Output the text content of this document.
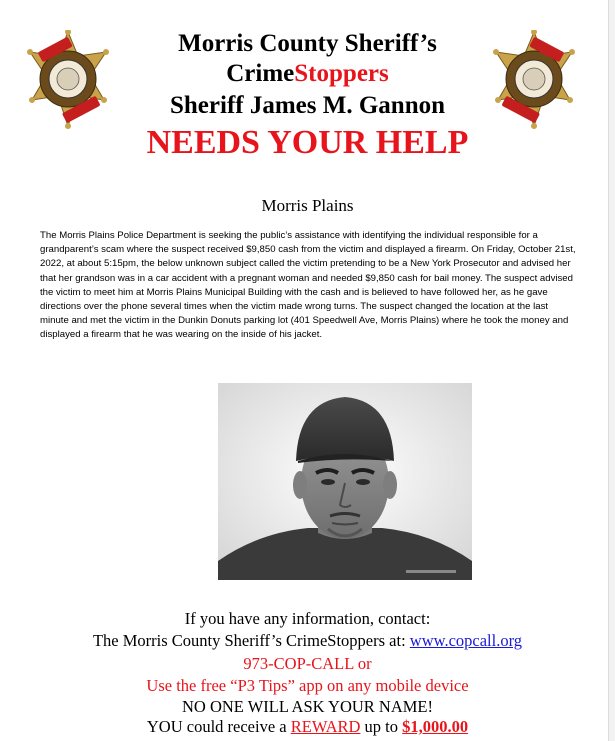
Morris County Sheriff’s
CrimeStoppers
Sheriff James M. Gannon
NEEDS YOUR HELP
Morris Plains
The Morris Plains Police Department is seeking the public’s assistance with identifying the individual responsible for a grandparent’s scam where the suspect received $9,850 cash from the victim and displayed a firearm. On Friday, October 21st, 2022, at about 5:15pm, the below unknown subject called the victim pretending to be a New York Prosecutor and advised her that her grandson was in a car accident with a pregnant woman and needed $9,850 cash for bail money. The suspect advised the victim to meet him at Morris Plains Municipal Building with the cash and is believed to have followed her, as he gave directions over the phone several times when the victim made wrong turns. The suspect changed the location at the last minute and met the victim in the Dunkin Donuts parking lot (401 Speedwell Ave, Morris Plains) where he took the money and displayed a firearm that he was wearing on the inside of his jacket.
If you have any information, contact:
The Morris County Sheriff’s CrimeStoppers at: www.copcall.org
973-COP-CALL or
Use the free “P3 Tips” app on any mobile device
NO ONE WILL ASK YOUR NAME!
YOU could receive a REWARD up to $1,000.00
